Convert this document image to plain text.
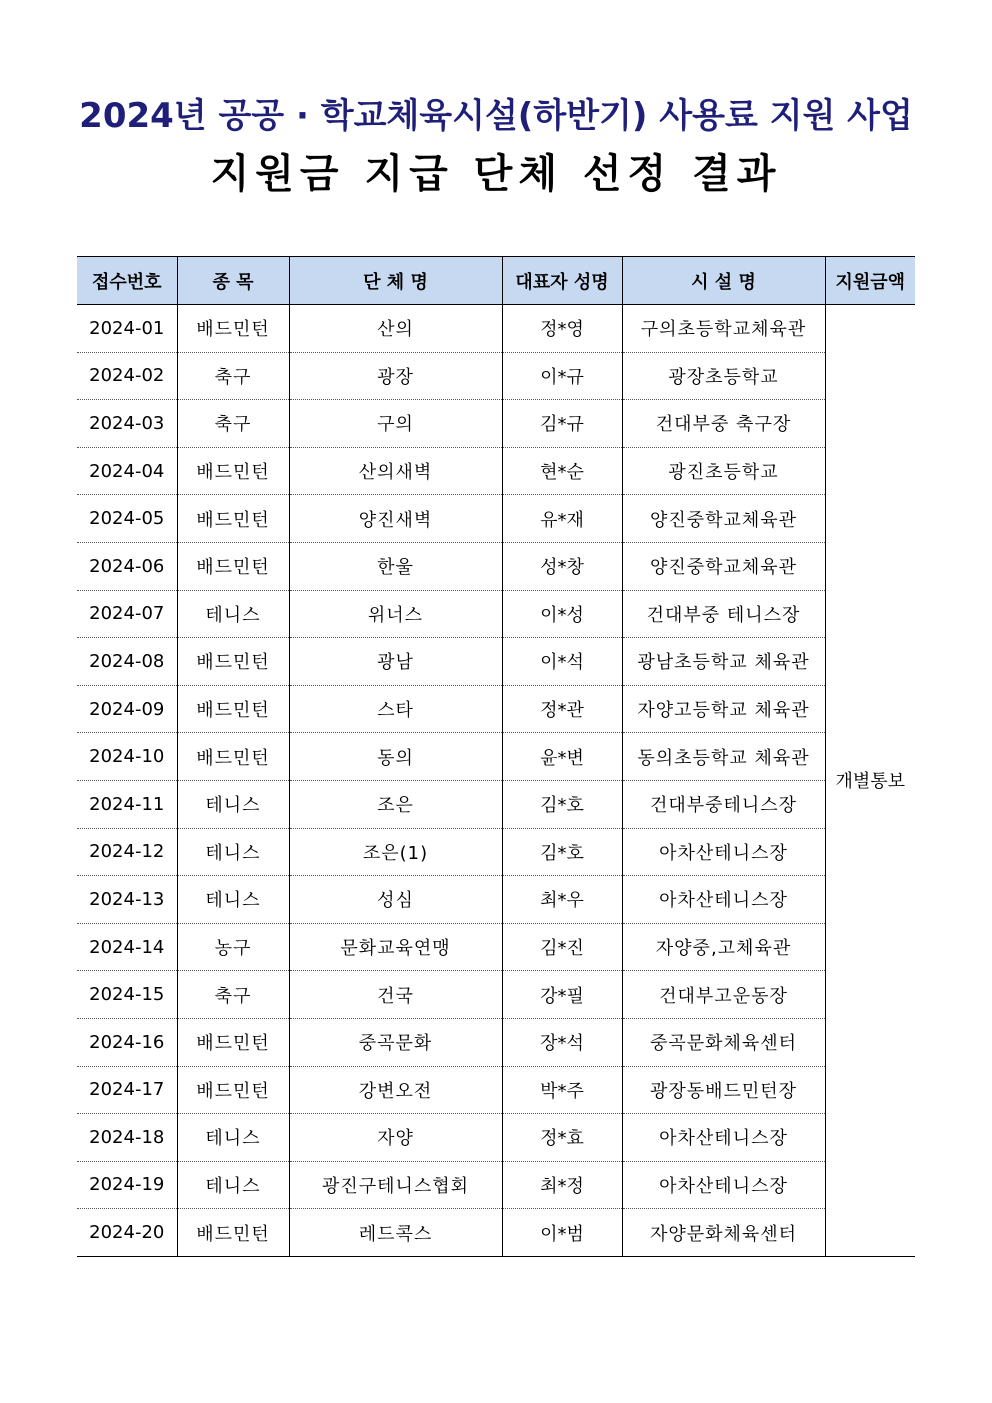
2024년 공공 · 학교체육시설(하반기) 사용료 지원 사업
지원금 지급 단체 선정 결과
접수번호	종 목	단 체 명	대표자 성명	시 설 명	지원금액
2024-01	배드민턴	산의	정*영	구의초등학교체육관	개별통보
2024-02	축구	광장	이*규	광장초등학교	
2024-03	축구	구의	김*규	건대부중 축구장	
2024-04	배드민턴	산의새벽	현*순	광진초등학교	
2024-05	배드민턴	양진새벽	유*재	양진중학교체육관	
2024-06	배드민턴	한울	성*창	양진중학교체육관	
2024-07	테니스	위너스	이*성	건대부중 테니스장	
2024-08	배드민턴	광남	이*석	광남초등학교 체육관	
2024-09	배드민턴	스타	정*관	자양고등학교 체육관	
2024-10	배드민턴	동의	윤*변	동의초등학교 체육관	
2024-11	테니스	조은	김*호	건대부중테니스장	
2024-12	테니스	조은(1)	김*호	아차산테니스장	
2024-13	테니스	성심	최*우	아차산테니스장	
2024-14	농구	문화교육연맹	김*진	자양중,고체육관	
2024-15	축구	건국	강*필	건대부고운동장	
2024-16	배드민턴	중곡문화	장*석	중곡문화체육센터	
2024-17	배드민턴	강변오전	박*주	광장동배드민턴장	
2024-18	테니스	자양	정*효	아차산테니스장	
2024-19	테니스	광진구테니스협회	최*정	아차산테니스장	
2024-20	배드민턴	레드콕스	이*범	자양문화체육센터	
